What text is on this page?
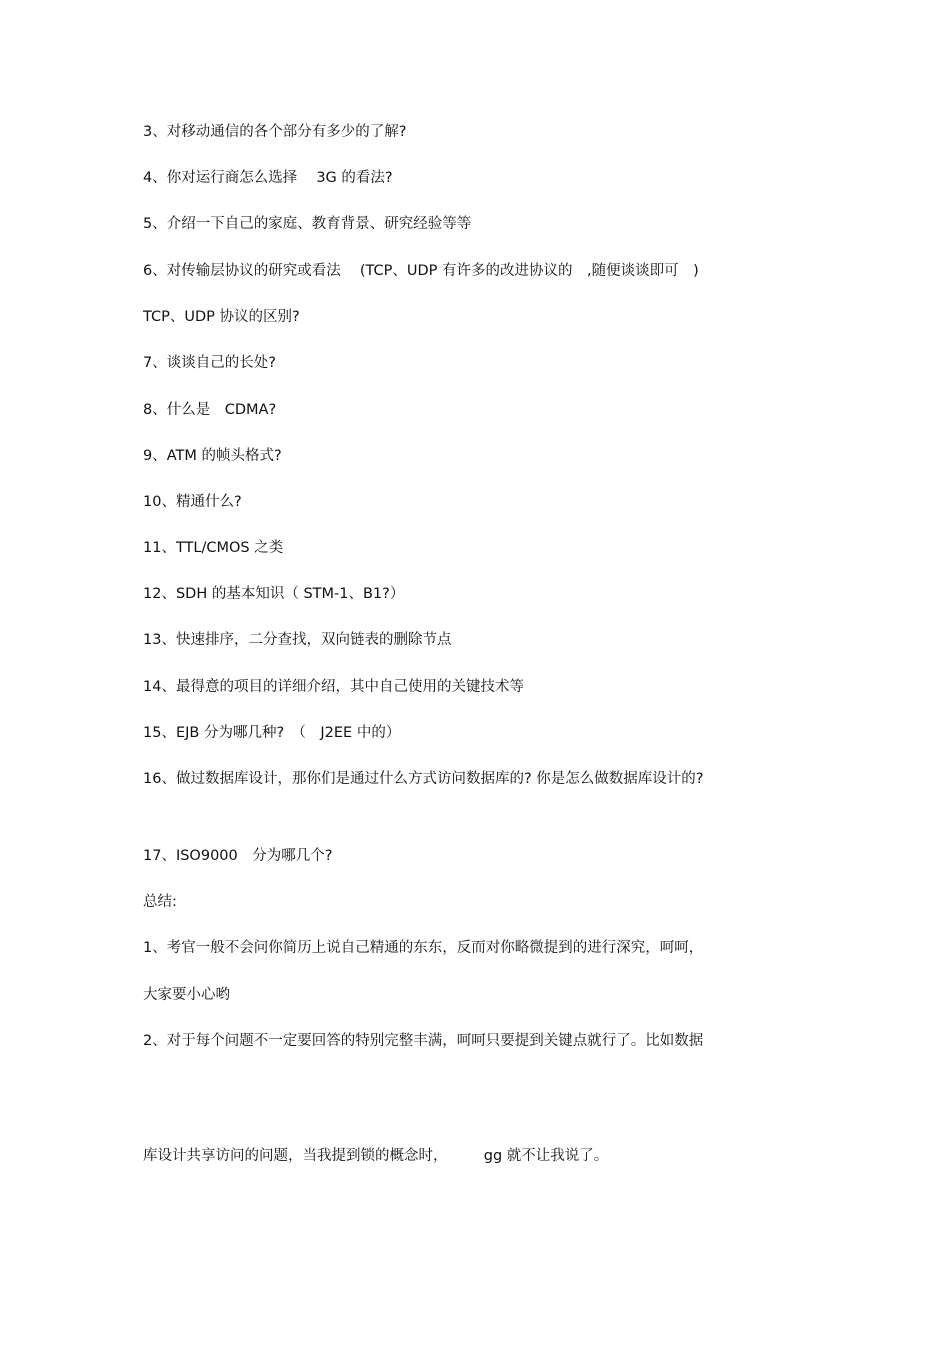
3、对移动通信的各个部分有多少的了解?
4、你对运行商怎么选择　 3G 的看法?
5、介绍一下自己的家庭、教育背景、研究经验等等
6、对传输层协议的研究或看法　 (TCP、UDP 有许多的改进协议的　,随便谈谈即可　)
TCP、UDP 协议的区别?
7、谈谈自己的长处?
8、什么是　CDMA?
9、ATM 的帧头格式?
10、精通什么?
11、TTL/CMOS 之类
12、SDH 的基本知识（ STM-1、B1?）
13、快速排序，二分查找，双向链表的删除节点
14、最得意的项目的详细介绍，其中自己使用的关键技术等
15、EJB 分为哪几种?　（　J2EE 中的）
16、做过数据库设计，那你们是通过什么方式访问数据库的? 你是怎么做数据库设计的?
17、ISO9000　分为哪几个?
总结:
1、考官一般不会问你简历上说自己精通的东东，反而对你略微提到的进行深究，呵呵，
大家要小心哟
2、对于每个问题不一定要回答的特别完整丰满，呵呵只要提到关键点就行了。比如数据
库设计共享访问的问题，当我提到锁的概念时，　　　gg 就不让我说了。
